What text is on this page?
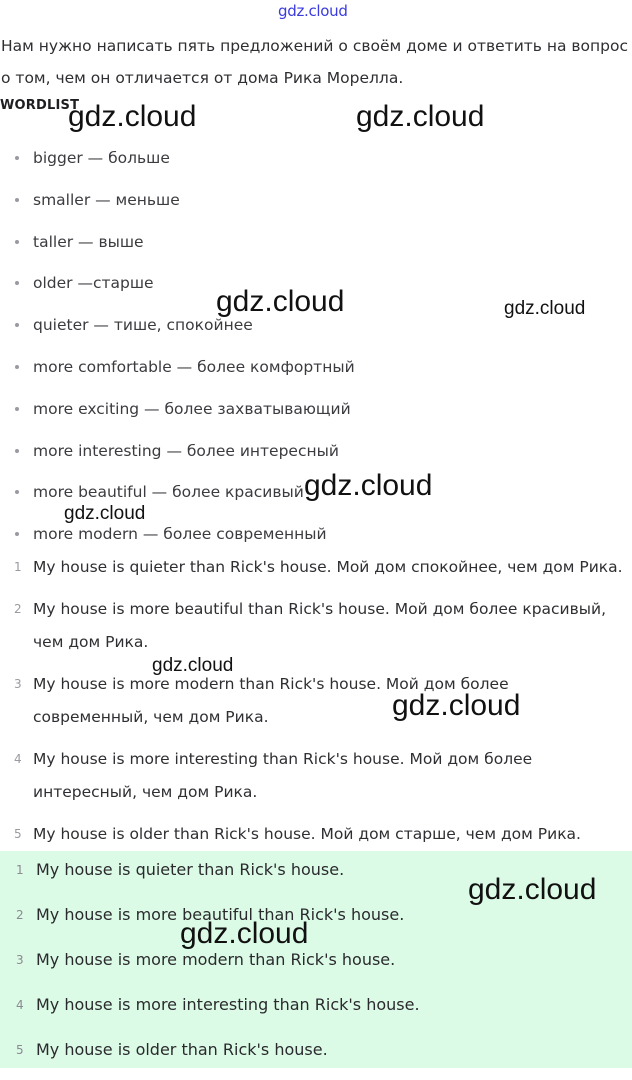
gdz.cloud

Нам нужно написать пять предложений о своём доме и ответить на вопрос о том, чем он отличается от дома Рика Морелла.

WORDLIST
bigger — больше
smaller — меньше
taller — выше
older —старше
quieter — тише, спокойнее
more comfortable — более комфортный
more exciting — более захватывающий
more interesting — более интересный
more beautiful — более красивый
more modern — более современный
1 My house is quieter than Rick's house. Мой дом спокойнее, чем дом Рика.
2 My house is more beautiful than Rick's house. Мой дом более красивый, чем дом Рика.
3 My house is more modern than Rick's house. Мой дом более современный, чем дом Рика.
4 My house is more interesting than Rick's house. Мой дом более интересный, чем дом Рика.
5 My house is older than Rick's house. Мой дом старше, чем дом Рика.
1 My house is quieter than Rick's house.
2 My house is more beautiful than Rick's house.
3 My house is more modern than Rick's house.
4 My house is more interesting than Rick's house.
5 My house is older than Rick's house.
gdz.cloud	gdz.cloud
gdz.cloud	gdz.cloud
gdz.cloud
gdz.cloud
gdz.cloud
gdz.cloud
gdz.cloud
gdz.cloud
